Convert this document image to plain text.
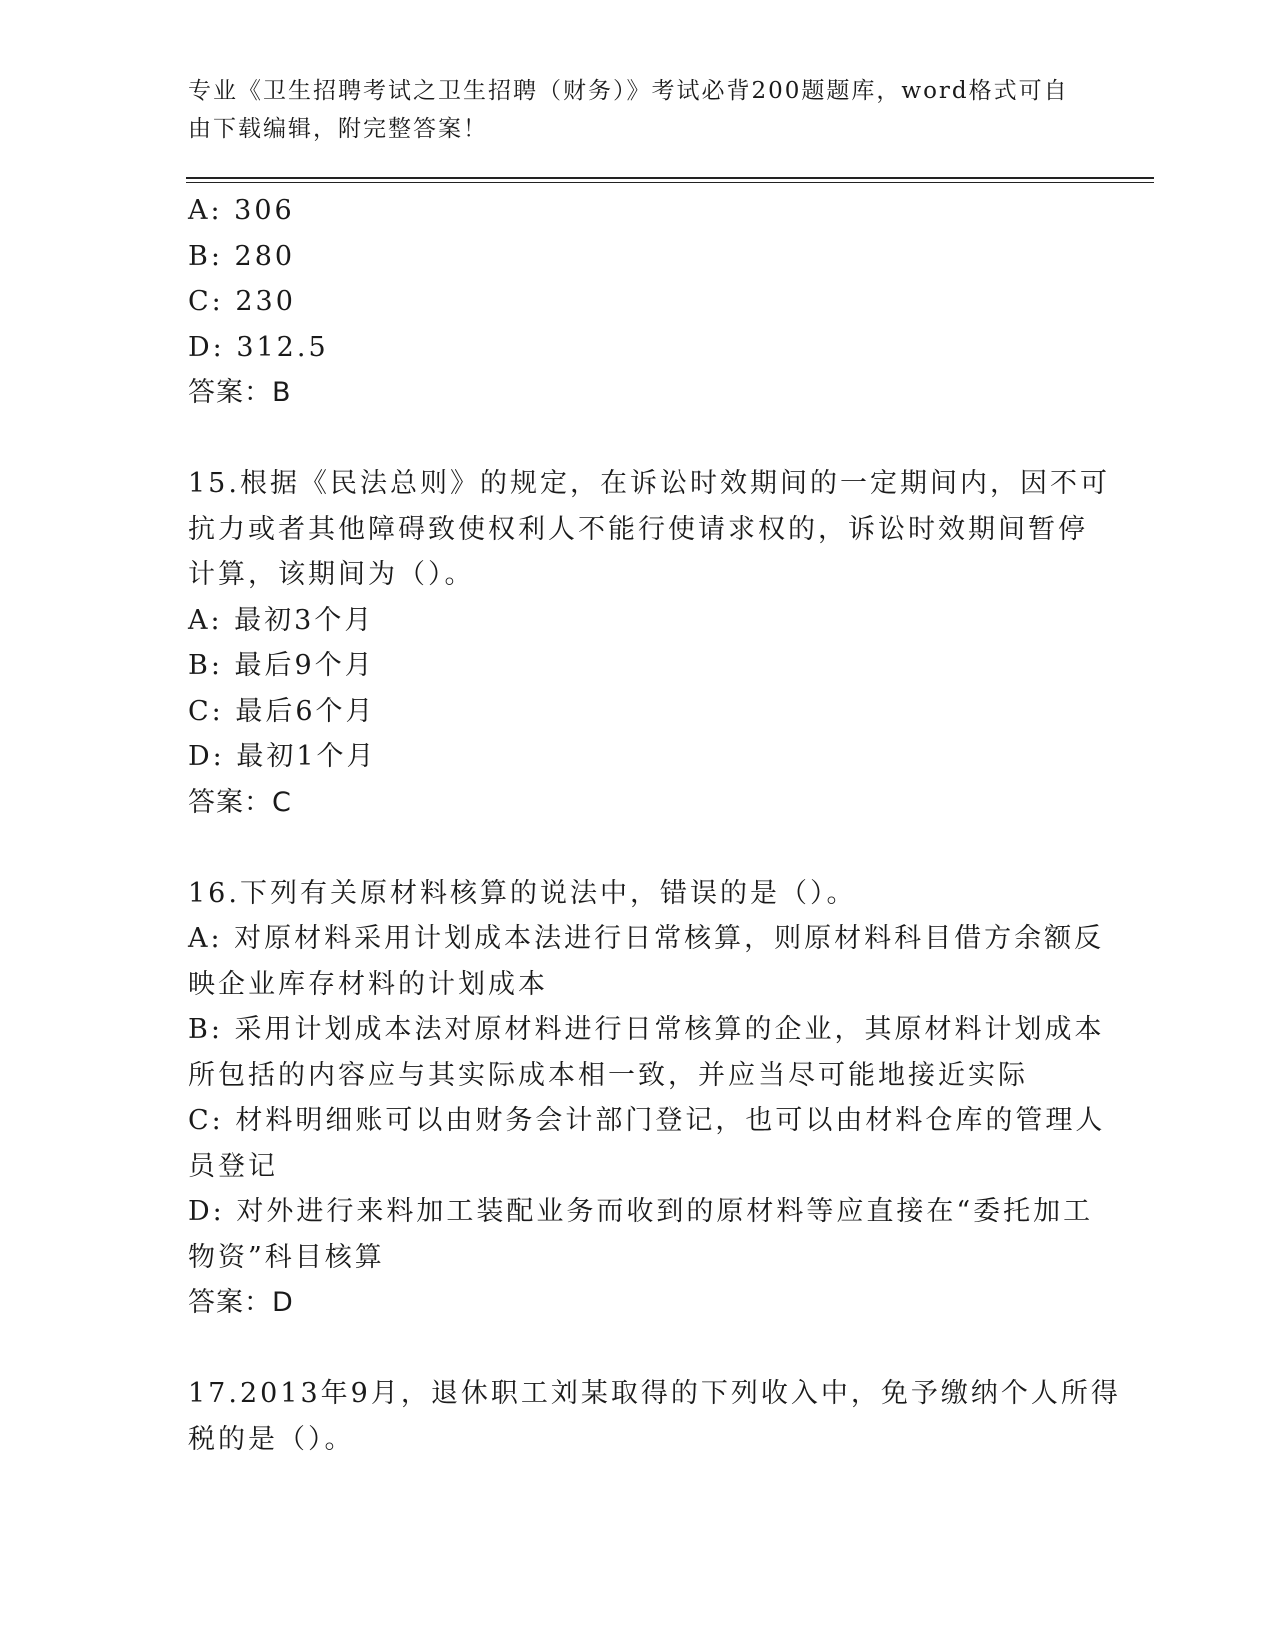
专业《卫生招聘考试之卫生招聘（财务）》考试必背200题题库，word格式可自
由下载编辑，附完整答案！
A: 306
B: 280
C: 230
D: 312.5
答案：B
15.根据《民法总则》的规定，在诉讼时效期间的一定期间内，因不可
抗力或者其他障碍致使权利人不能行使请求权的，诉讼时效期间暂停
计算，该期间为（）。
A: 最初3个月
B: 最后9个月
C: 最后6个月
D: 最初1个月
答案：C
16.下列有关原材料核算的说法中，错误的是（）。
A: 对原材料采用计划成本法进行日常核算，则原材料科目借方余额反
映企业库存材料的计划成本
B: 采用计划成本法对原材料进行日常核算的企业，其原材料计划成本
所包括的内容应与其实际成本相一致，并应当尽可能地接近实际
C: 材料明细账可以由财务会计部门登记，也可以由材料仓库的管理人
员登记
D: 对外进行来料加工装配业务而收到的原材料等应直接在“委托加工
物资”科目核算
答案：D
17.2013年9月，退休职工刘某取得的下列收入中，免予缴纳个人所得
税的是（）。
